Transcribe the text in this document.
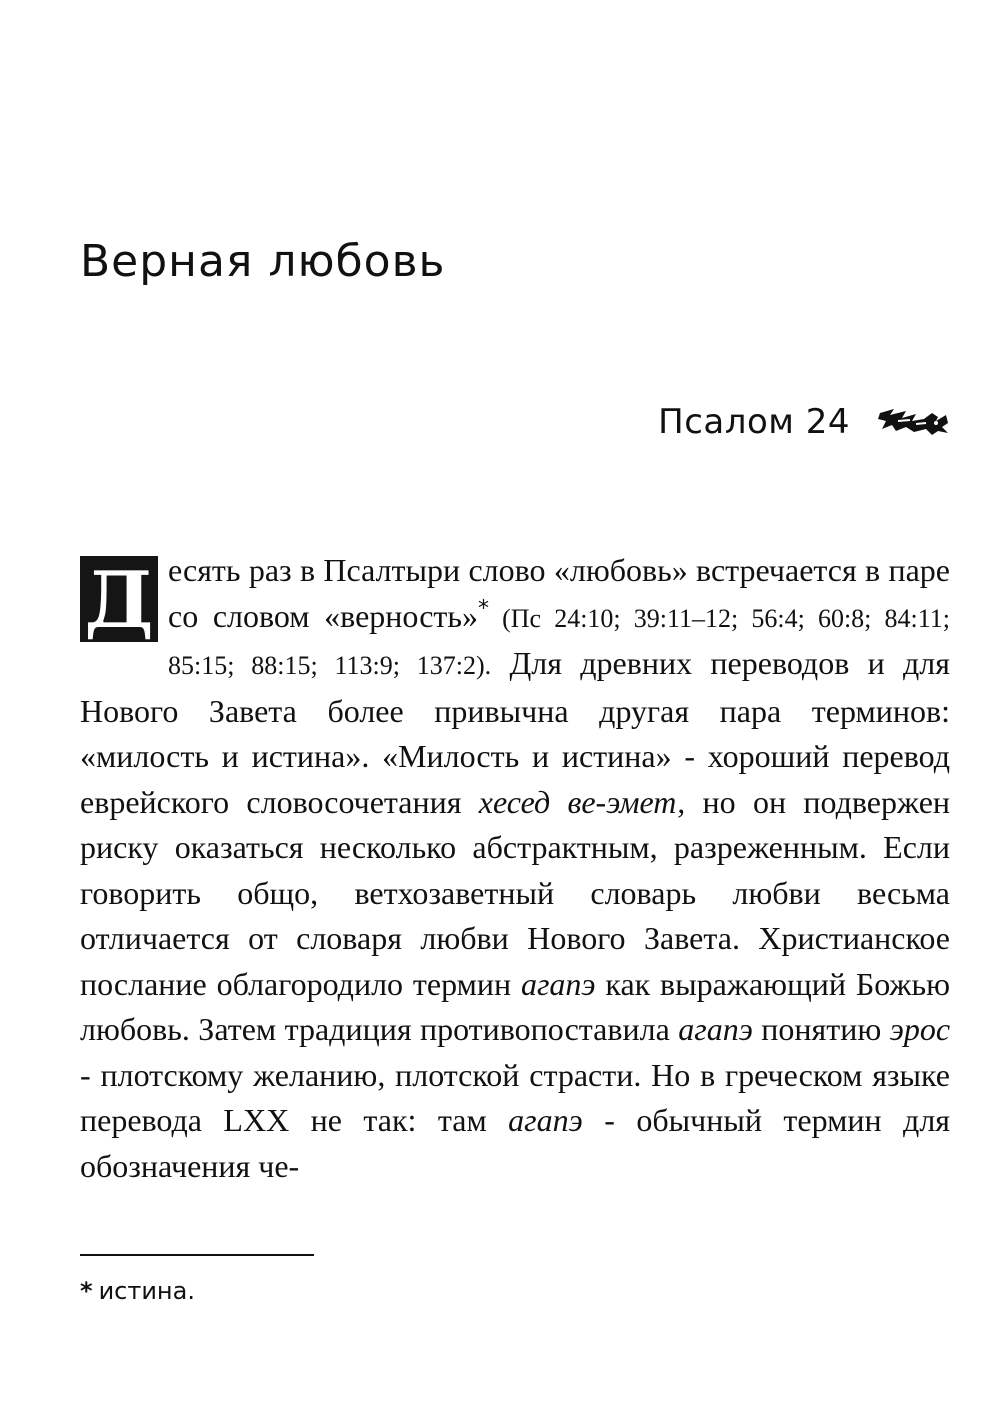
Верная любовь
Псалом 24

Д есять раз в Псалтыри слово «любовь» встречается в паре со словом «верность»* (Пс 24:10; 39:11–12; 56:4; 60:8; 84:11; 85:15; 88:15; 113:9; 137:2). Для древних переводов и для Нового Завета более привычна другая пара терминов: «милость и истина». «Милость и истина» - хороший перевод еврейского словосочетания хесед ве-эмет, но он подвержен риску оказаться несколько абстрактным, разреженным. Если говорить общо, ветхозаветный словарь любви весьма отличается от словаря любви Нового Завета. Христианское послание облагородило термин агапэ как выражающий Божью любовь. Затем традиция противопоставила агапэ понятию эрос - плотскому желанию, плотской страсти. Но в греческом языке перевода LXX не так: там агапэ - обычный термин для обозначения че-

* истина.
